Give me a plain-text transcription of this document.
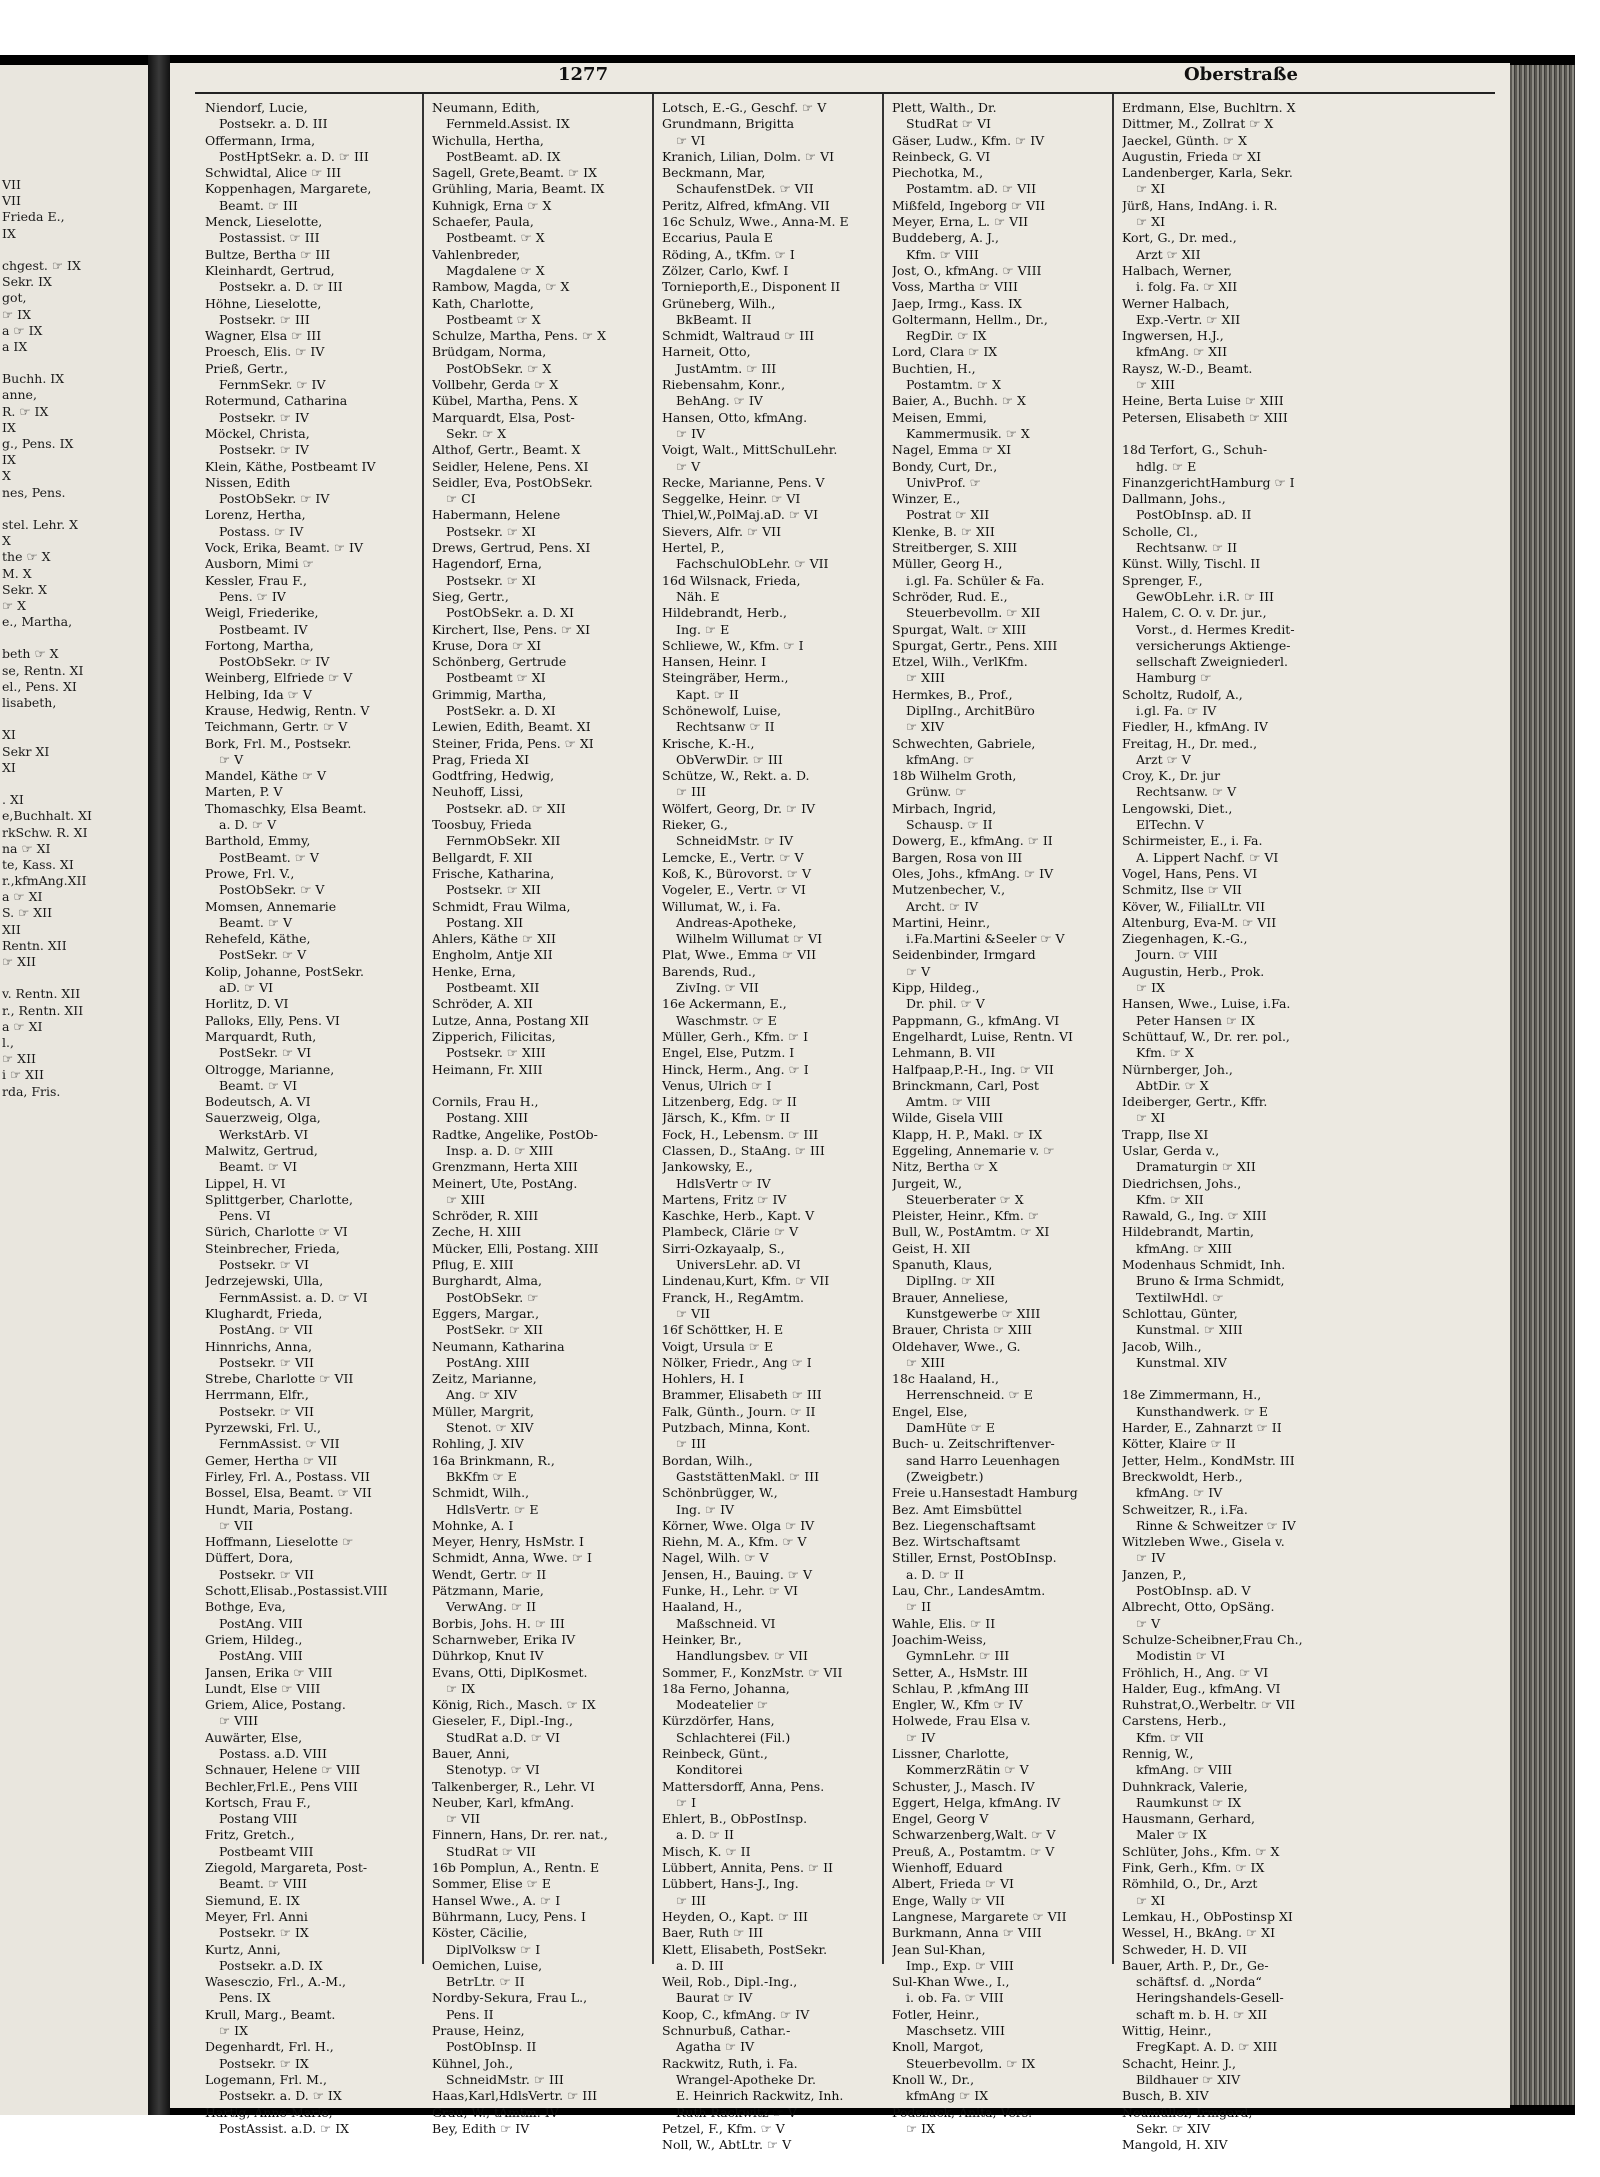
VII
VII
Frieda E.,
IX
chgest. ☞ IX
Sekr. IX
got,
☞ IX
a ☞ IX
a IX
Buchh. IX
anne,
R. ☞ IX
IX
g., Pens. IX
IX
X
nes, Pens.
stel. Lehr. X
X
the ☞ X
M. X
Sekr. X
☞ X
e., Martha,
beth ☞ X
se, Rentn. XI
el., Pens. XI
lisabeth,
XI
Sekr XI
XI
. XI
e,Buchhalt. XI
rkSchw. R. XI
na ☞ XI
te, Kass. XI
r.,kfmAng.XII
a ☞ XI
S. ☞ XII
XII
Rentn. XII
☞ XII
v. Rentn. XII
r., Rentn. XII
a ☞ XI
l.,
☞ XII
i ☞ XII
rda, Fris.
1277	Oberstraße
Niendorf, Lucie,
Postsekr. a. D. III
Offermann, Irma,
PostHptSekr. a. D. ☞ III
Schwidtal, Alice ☞ III
Koppenhagen, Margarete,
Beamt. ☞ III
Menck, Lieselotte,
Postassist. ☞ III
Bultze, Bertha ☞ III
Kleinhardt, Gertrud,
Postsekr. a. D. ☞ III
Höhne, Lieselotte,
Postsekr. ☞ III
Wagner, Elsa ☞ III
Proesch, Elis. ☞ IV
Prieß, Gertr.,
FernmSekr. ☞ IV
Rotermund, Catharina
Postsekr. ☞ IV
Möckel, Christa,
Postsekr. ☞ IV
Klein, Käthe, Postbeamt IV
Nissen, Edith
PostObSekr. ☞ IV
Lorenz, Hertha,
Postass. ☞ IV
Vock, Erika, Beamt. ☞ IV
Ausborn, Mimi ☞
Kessler, Frau F.,
Pens. ☞ IV
Weigl, Friederike,
Postbeamt. IV
Fortong, Martha,
PostObSekr. ☞ IV
Weinberg, Elfriede ☞ V
Helbing, Ida ☞ V
Krause, Hedwig, Rentn. V
Teichmann, Gertr. ☞ V
Bork, Frl. M., Postsekr.
☞ V
Mandel, Käthe ☞ V
Marten, P. V
Thomaschky, Elsa Beamt.
a. D. ☞ V
Barthold, Emmy,
PostBeamt. ☞ V
Prowe, Frl. V.,
PostObSekr. ☞ V
Momsen, Annemarie
Beamt. ☞ V
Rehefeld, Käthe,
PostSekr. ☞ V
Kolip, Johanne, PostSekr.
aD. ☞ VI
Horlitz, D. VI
Palloks, Elly, Pens. VI
Marquardt, Ruth,
PostSekr. ☞ VI
Oltrogge, Marianne,
Beamt. ☞ VI
Bodeutsch, A. VI
Sauerzweig, Olga,
WerkstArb. VI
Malwitz, Gertrud,
Beamt. ☞ VI
Lippel, H. VI
Splittgerber, Charlotte,
Pens. VI
Sürich, Charlotte ☞ VI
Steinbrecher, Frieda,
Postsekr. ☞ VI
Jedrzejewski, Ulla,
FernmAssist. a. D. ☞ VI
Klughardt, Frieda,
PostAng. ☞ VII
Hinnrichs, Anna,
Postsekr. ☞ VII
Strebe, Charlotte ☞ VII
Herrmann, Elfr.,
Postsekr. ☞ VII
Pyrzewski, Frl. U.,
FernmAssist. ☞ VII
Gemer, Hertha ☞ VII
Firley, Frl. A., Postass. VII
Bossel, Elsa, Beamt. ☞ VII
Hundt, Maria, Postang.
☞ VII
Hoffmann, Lieselotte ☞
Düffert, Dora,
Postsekr. ☞ VII
Schott,Elisab.,Postassist.VIII
Bothge, Eva,
PostAng. VIII
Griem, Hildeg.,
PostAng. VIII
Jansen, Erika ☞ VIII
Lundt, Else ☞ VIII
Griem, Alice, Postang.
☞ VIII
Auwärter, Else,
Postass. a.D. VIII
Schnauer, Helene ☞ VIII
Bechler,Frl.E., Pens VIII
Kortsch, Frau F.,
Postang VIII
Fritz, Gretch.,
Postbeamt VIII
Ziegold, Margareta, Post-
Beamt. ☞ VIII
Siemund, E. IX
Meyer, Frl. Anni
Postsekr. ☞ IX
Kurtz, Anni,
Postsekr. a.D. IX
Wasesczio, Frl., A.-M.,
Pens. IX
Krull, Marg., Beamt.
☞ IX
Degenhardt, Frl. H.,
Postsekr. ☞ IX
Logemann, Frl. M.,
Postsekr. a. D. ☞ IX
Hartig, Anne-Marie,
PostAssist. a.D. ☞ IX
Neumann, Edith,
Fernmeld.Assist. IX
Wichulla, Hertha,
PostBeamt. aD. IX
Sagell, Grete,Beamt. ☞ IX
Grühling, Maria, Beamt. IX
Kuhnigk, Erna ☞ X
Schaefer, Paula,
Postbeamt. ☞ X
Vahlenbreder,
Magdalene ☞ X
Rambow, Magda, ☞ X
Kath, Charlotte,
Postbeamt ☞ X
Schulze, Martha, Pens. ☞ X
Brüdgam, Norma,
PostObSekr. ☞ X
Vollbehr, Gerda ☞ X
Kübel, Martha, Pens. X
Marquardt, Elsa, Post-
Sekr. ☞ X
Althof, Gertr., Beamt. X
Seidler, Helene, Pens. XI
Seidler, Eva, PostObSekr.
☞ CI
Habermann, Helene
Postsekr. ☞ XI
Drews, Gertrud, Pens. XI
Hagendorf, Erna,
Postsekr. ☞ XI
Sieg, Gertr.,
PostObSekr. a. D. XI
Kirchert, Ilse, Pens. ☞ XI
Kruse, Dora ☞ XI
Schönberg, Gertrude
Postbeamt ☞ XI
Grimmig, Martha,
PostSekr. a. D. XI
Lewien, Edith, Beamt. XI
Steiner, Frida, Pens. ☞ XI
Prag, Frieda XI
Godtfring, Hedwig,
Neuhoff, Lissi,
Postsekr. aD. ☞ XII
Toosbuy, Frieda
FernmObSekr. XII
Bellgardt, F. XII
Frische, Katharina,
Postsekr. ☞ XII
Schmidt, Frau Wilma,
Postang. XII
Ahlers, Käthe ☞ XII
Engholm, Antje XII
Henke, Erna,
Postbeamt. XII
Schröder, A. XII
Lutze, Anna, Postang XII
Zipperich, Filicitas,
Postsekr. ☞ XIII
Heimann, Fr. XIII
Cornils, Frau H.,
Postang. XIII
Radtke, Angelike, PostOb-
Insp. a. D. ☞ XIII
Grenzmann, Herta XIII
Meinert, Ute, PostAng.
☞ XIII
Schröder, R. XIII
Zeche, H. XIII
Mücker, Elli, Postang. XIII
Pflug, E. XIII
Burghardt, Alma,
PostObSekr. ☞
Eggers, Margar.,
PostSekr. ☞ XII
Neumann, Katharina
PostAng. XIII
Zeitz, Marianne,
Ang. ☞ XIV
Müller, Margrit,
Stenot. ☞ XIV
Rohling, J. XIV
16a Brinkmann, R.,
BkKfm ☞ E
Schmidt, Wilh.,
HdlsVertr. ☞ E
Mohnke, A. I
Meyer, Henry, HsMstr. I
Schmidt, Anna, Wwe. ☞ I
Wendt, Gertr. ☞ II
Pätzmann, Marie,
VerwAng. ☞ II
Borbis, Johs. H. ☞ III
Scharnweber, Erika IV
Dührkop, Knut IV
Evans, Otti, DiplKosmet.
☞ IX
König, Rich., Masch. ☞ IX
Gieseler, F., Dipl.-Ing.,
StudRat a.D. ☞ VI
Bauer, Anni,
Stenotyp. ☞ VI
Talkenberger, R., Lehr. VI
Neuber, Karl, kfmAng.
☞ VII
Finnern, Hans, Dr. rer. nat.,
StudRat ☞ VII
16b Pomplun, A., Rentn. E
Sommer, Elise ☞ E
Hansel Wwe., A. ☞ I
Bührmann, Lucy, Pens. I
Köster, Cäcilie,
DiplVolksw ☞ I
Oemichen, Luise,
BetrLtr. ☞ II
Nordby-Sekura, Frau L.,
Pens. II
Prause, Heinz,
PostObInsp. II
Kühnel, Joh.,
SchneidMstr. ☞ III
Haas,Karl,HdlsVertr. ☞ III
Grau, W., tAmtm. IV
Bey, Edith ☞ IV
Lotsch, E.-G., Geschf. ☞ V
Grundmann, Brigitta
☞ VI
Kranich, Lilian, Dolm. ☞ VI
Beckmann, Mar,
SchaufenstDek. ☞ VII
Peritz, Alfred, kfmAng. VII
16c Schulz, Wwe., Anna-M. E
Eccarius, Paula E
Röding, A., tKfm. ☞ I
Zölzer, Carlo, Kwf. I
Tornieporth,E., Disponent II
Grüneberg, Wilh.,
BkBeamt. II
Schmidt, Waltraud ☞ III
Harneit, Otto,
JustAmtm. ☞ III
Riebensahm, Konr.,
BehAng. ☞ IV
Hansen, Otto, kfmAng.
☞ IV
Voigt, Walt., MittSchulLehr.
☞ V
Recke, Marianne, Pens. V
Seggelke, Heinr. ☞ VI
Thiel,W.,PolMaj.aD. ☞ VI
Sievers, Alfr. ☞ VII
Hertel, P.,
FachschulObLehr. ☞ VII
16d Wilsnack, Frieda,
Näh. E
Hildebrandt, Herb.,
Ing. ☞ E
Schliewe, W., Kfm. ☞ I
Hansen, Heinr. I
Steingräber, Herm.,
Kapt. ☞ II
Schönewolf, Luise,
Rechtsanw ☞ II
Krische, K.-H.,
ObVerwDir. ☞ III
Schütze, W., Rekt. a. D.
☞ III
Wölfert, Georg, Dr. ☞ IV
Rieker, G.,
SchneidMstr. ☞ IV
Lemcke, E., Vertr. ☞ V
Koß, K., Bürovorst. ☞ V
Vogeler, E., Vertr. ☞ VI
Willumat, W., i. Fa.
Andreas-Apotheke,
Wilhelm Willumat ☞ VI
Plat, Wwe., Emma ☞ VII
Barends, Rud.,
ZivIng. ☞ VII
16e Ackermann, E.,
Waschmstr. ☞ E
Müller, Gerh., Kfm. ☞ I
Engel, Else, Putzm. I
Hinck, Herm., Ang. ☞ I
Venus, Ulrich ☞ I
Litzenberg, Edg. ☞ II
Järsch, K., Kfm. ☞ II
Fock, H., Lebensm. ☞ III
Classen, D., StaAng. ☞ III
Jankowsky, E.,
HdlsVertr ☞ IV
Martens, Fritz ☞ IV
Kaschke, Herb., Kapt. V
Plambeck, Clärie ☞ V
Sirri-Ozkayaalp, S.,
UniversLehr. aD. VI
Lindenau,Kurt, Kfm. ☞ VII
Franck, H., RegAmtm.
☞ VII
16f Schöttker, H. E
Voigt, Ursula ☞ E
Nölker, Friedr., Ang ☞ I
Hohlers, H. I
Brammer, Elisabeth ☞ III
Falk, Günth., Journ. ☞ II
Putzbach, Minna, Kont.
☞ III
Bordan, Wilh.,
GaststättenMakl. ☞ III
Schönbrügger, W.,
Ing. ☞ IV
Körner, Wwe. Olga ☞ IV
Riehn, M. A., Kfm. ☞ V
Nagel, Wilh. ☞ V
Jensen, H., Bauing. ☞ V
Funke, H., Lehr. ☞ VI
Haaland, H.,
Maßschneid. VI
Heinker, Br.,
Handlungsbev. ☞ VII
Sommer, F., KonzMstr. ☞ VII
18a Ferno, Johanna,
Modeatelier ☞
Kürzdörfer, Hans,
Schlachterei (Fil.)
Reinbeck, Günt.,
Konditorei
Mattersdorff, Anna, Pens.
☞ I
Ehlert, B., ObPostInsp.
a. D. ☞ II
Misch, K. ☞ II
Lübbert, Annita, Pens. ☞ II
Lübbert, Hans-J., Ing.
☞ III
Heyden, O., Kapt. ☞ III
Baer, Ruth ☞ III
Klett, Elisabeth, PostSekr.
a. D. III
Weil, Rob., Dipl.-Ing.,
Baurat ☞ IV
Koop, C., kfmAng. ☞ IV
Schnurbuß, Cathar.-
Agatha ☞ IV
Rackwitz, Ruth, i. Fa.
Wrangel-Apotheke Dr.
E. Heinrich Rackwitz, Inh.
Ruth Rackwitz ☞ V
Petzel, F., Kfm. ☞ V
Noll, W., AbtLtr. ☞ V
Plett, Walth., Dr.
StudRat ☞ VI
Gäser, Ludw., Kfm. ☞ IV
Reinbeck, G. VI
Piechotka, M.,
Postamtm. aD. ☞ VII
Mißfeld, Ingeborg ☞ VII
Meyer, Erna, L. ☞ VII
Buddeberg, A. J.,
Kfm. ☞ VIII
Jost, O., kfmAng. ☞ VIII
Voss, Martha ☞ VIII
Jaep, Irmg., Kass. IX
Goltermann, Hellm., Dr.,
RegDir. ☞ IX
Lord, Clara ☞ IX
Buchtien, H.,
Postamtm. ☞ X
Baier, A., Buchh. ☞ X
Meisen, Emmi,
Kammermusik. ☞ X
Nagel, Emma ☞ XI
Bondy, Curt, Dr.,
UnivProf. ☞
Winzer, E.,
Postrat ☞ XII
Klenke, B. ☞ XII
Streitberger, S. XIII
Müller, Georg H.,
i.gl. Fa. Schüler & Fa.
Schröder, Rud. E.,
Steuerbevollm. ☞ XII
Spurgat, Walt. ☞ XIII
Spurgat, Gertr., Pens. XIII
Etzel, Wilh., VerlKfm.
☞ XIII
Hermkes, B., Prof.,
DiplIng., ArchitBüro
☞ XIV
Schwechten, Gabriele,
kfmAng. ☞
18b Wilhelm Groth,
Grünw. ☞
Mirbach, Ingrid,
Schausp. ☞ II
Dowerg, E., kfmAng. ☞ II
Bargen, Rosa von III
Oles, Johs., kfmAng. ☞ IV
Mutzenbecher, V.,
Archt. ☞ IV
Martini, Heinr.,
i.Fa.Martini &Seeler ☞ V
Seidenbinder, Irmgard
☞ V
Kipp, Hildeg.,
Dr. phil. ☞ V
Pappmann, G., kfmAng. VI
Engelhardt, Luise, Rentn. VI
Lehmann, B. VII
Halfpaap,P.-H., Ing. ☞ VII
Brinckmann, Carl, Post
Amtm. ☞ VIII
Wilde, Gisela VIII
Klapp, H. P., Makl. ☞ IX
Eggeling, Annemarie v. ☞
Nitz, Bertha ☞ X
Jurgeit, W.,
Steuerberater ☞ X
Pleister, Heinr., Kfm. ☞
Bull, W., PostAmtm. ☞ XI
Geist, H. XII
Spanuth, Klaus,
DiplIng. ☞ XII
Brauer, Anneliese,
Kunstgewerbe ☞ XIII
Brauer, Christa ☞ XIII
Oldehaver, Wwe., G.
☞ XIII
18c Haaland, H.,
Herrenschneid. ☞ E
Engel, Else,
DamHüte ☞ E
Buch- u. Zeitschriftenver-
sand Harro Leuenhagen
(Zweigbetr.)
Freie u.Hansestadt Hamburg
Bez. Amt Eimsbüttel
Bez. Liegenschaftsamt
Bez. Wirtschaftsamt
Stiller, Ernst, PostObInsp.
a. D. ☞ II
Lau, Chr., LandesAmtm.
☞ II
Wahle, Elis. ☞ II
Joachim-Weiss,
GymnLehr. ☞ III
Setter, A., HsMstr. III
Schlau, P. ,kfmAng III
Engler, W., Kfm ☞ IV
Holwede, Frau Elsa v.
☞ IV
Lissner, Charlotte,
KommerzRätin ☞ V
Schuster, J., Masch. IV
Eggert, Helga, kfmAng. IV
Engel, Georg V
Schwarzenberg,Walt. ☞ V
Preuß, A., Postamtm. ☞ V
Wienhoff, Eduard
Albert, Frieda ☞ VI
Enge, Wally ☞ VII
Langnese, Margarete ☞ VII
Burkmann, Anna ☞ VIII
Jean Sul-Khan,
Imp., Exp. ☞ VIII
Sul-Khan Wwe., I.,
i. ob. Fa. ☞ VIII
Fotler, Heinr.,
Maschsetz. VIII
Knoll, Margot,
Steuerbevollm. ☞ IX
Knoll W., Dr.,
kfmAng ☞ IX
Podszuck, Anita, Vers.
☞ IX
Erdmann, Else, Buchltrn. X
Dittmer, M., Zollrat ☞ X
Jaeckel, Günth. ☞ X
Augustin, Frieda ☞ XI
Landenberger, Karla, Sekr.
☞ XI
Jürß, Hans, IndAng. i. R.
☞ XI
Kort, G., Dr. med.,
Arzt ☞ XII
Halbach, Werner,
i. folg. Fa. ☞ XII
Werner Halbach,
Exp.-Vertr. ☞ XII
Ingwersen, H.J.,
kfmAng. ☞ XII
Raysz, W.-D., Beamt.
☞ XIII
Heine, Berta Luise ☞ XIII
Petersen, Elisabeth ☞ XIII
18d Terfort, G., Schuh-
hdlg. ☞ E
FinanzgerichtHamburg ☞ I
Dallmann, Johs.,
PostObInsp. aD. II
Scholle, Cl.,
Rechtsanw. ☞ II
Künst. Willy, Tischl. II
Sprenger, F.,
GewObLehr. i.R. ☞ III
Halem, C. O. v. Dr. jur.,
Vorst., d. Hermes Kredit-
versicherungs Aktienge-
sellschaft Zweigniederl.
Hamburg ☞
Scholtz, Rudolf, A.,
i.gl. Fa. ☞ IV
Fiedler, H., kfmAng. IV
Freitag, H., Dr. med.,
Arzt ☞ V
Croy, K., Dr. jur
Rechtsanw. ☞ V
Lengowski, Diet.,
ElTechn. V
Schirmeister, E., i. Fa.
A. Lippert Nachf. ☞ VI
Vogel, Hans, Pens. VI
Schmitz, Ilse ☞ VII
Köver, W., FilialLtr. VII
Altenburg, Eva-M. ☞ VII
Ziegenhagen, K.-G.,
Journ. ☞ VIII
Augustin, Herb., Prok.
☞ IX
Hansen, Wwe., Luise, i.Fa.
Peter Hansen ☞ IX
Schüttauf, W., Dr. rer. pol.,
Kfm. ☞ X
Nürnberger, Joh.,
AbtDir. ☞ X
Ideiberger, Gertr., Kffr.
☞ XI
Trapp, Ilse XI
Uslar, Gerda v.,
Dramaturgin ☞ XII
Diedrichsen, Johs.,
Kfm. ☞ XII
Rawald, G., Ing. ☞ XIII
Hildebrandt, Martin,
kfmAng. ☞ XIII
Modenhaus Schmidt, Inh.
Bruno & Irma Schmidt,
TextilwHdl. ☞
Schlottau, Günter,
Kunstmal. ☞ XIII
Jacob, Wilh.,
Kunstmal. XIV
18e Zimmermann, H.,
Kunsthandwerk. ☞ E
Harder, E., Zahnarzt ☞ II
Kötter, Klaire ☞ II
Jetter, Helm., KondMstr. III
Breckwoldt, Herb.,
kfmAng. ☞ IV
Schweitzer, R., i.Fa.
Rinne & Schweitzer ☞ IV
Witzleben Wwe., Gisela v.
☞ IV
Janzen, P.,
PostObInsp. aD. V
Albrecht, Otto, OpSäng.
☞ V
Schulze-Scheibner,Frau Ch.,
Modistin ☞ VI
Fröhlich, H., Ang. ☞ VI
Halder, Eug., kfmAng. VI
Ruhstrat,O.,Werbeltr. ☞ VII
Carstens, Herb.,
Kfm. ☞ VII
Rennig, W.,
kfmAng. ☞ VIII
Duhnkrack, Valerie,
Raumkunst ☞ IX
Hausmann, Gerhard,
Maler ☞ IX
Schlüter, Johs., Kfm. ☞ X
Fink, Gerh., Kfm. ☞ IX
Römhild, O., Dr., Arzt
☞ XI
Lemkau, H., ObPostinsp XI
Wessel, H., BkAng. ☞ XI
Schweder, H. D. VII
Bauer, Arth. P., Dr., Ge-
schäftsf. d. „Norda“
Heringshandels-Gesell-
schaft m. b. H. ☞ XII
Wittig, Heinr.,
FregKapt. A. D. ☞ XIII
Schacht, Heinr. J.,
Bildhauer ☞ XIV
Busch, B. XIV
Neumüller, Irmgard,
Sekr. ☞ XIV
Mangold, H. XIV
